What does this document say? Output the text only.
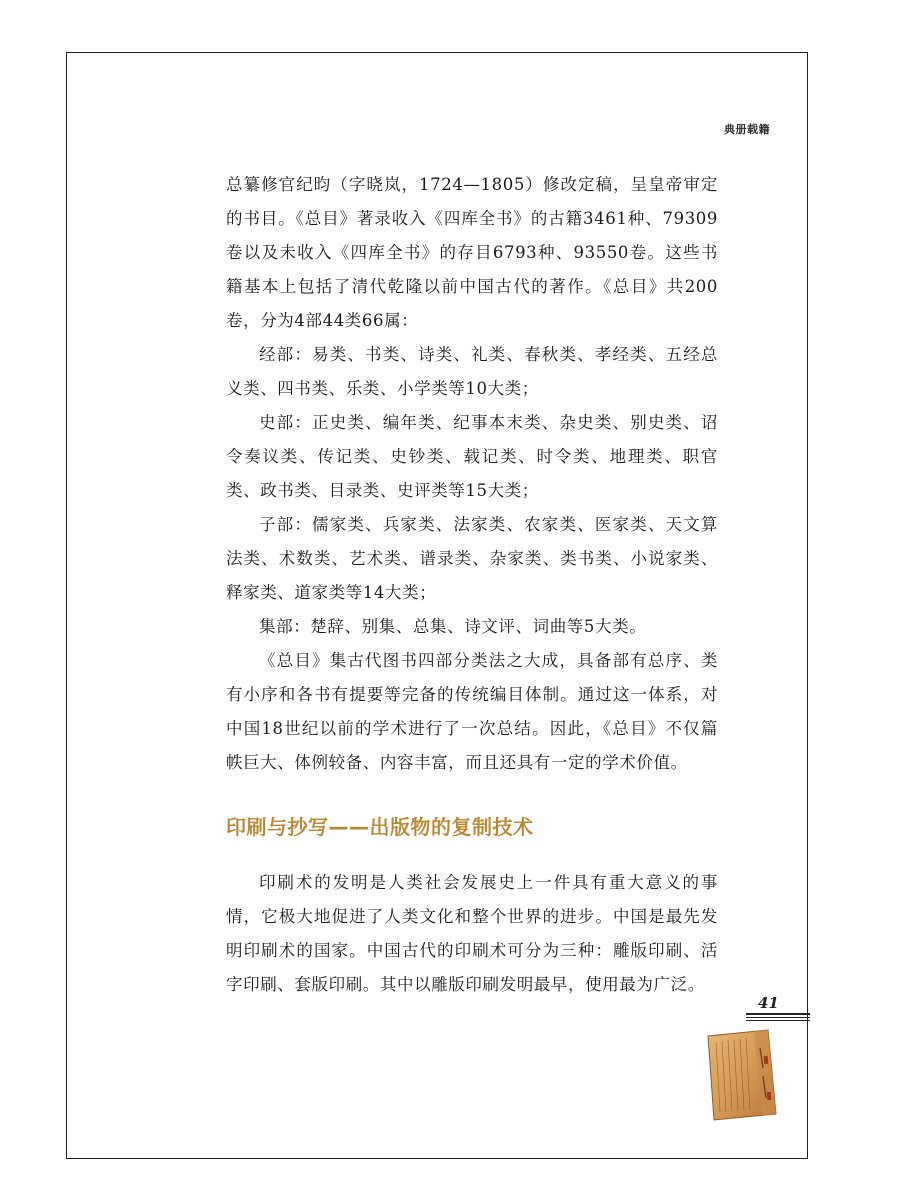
典册载籍

总纂修官纪昀（字晓岚，1724—1805）修改定稿，呈皇帝审定的书目。《总目》著录收入《四库全书》的古籍3461种、79309卷以及未收入《四库全书》的存目6793种、93550卷。这些书籍基本上包括了清代乾隆以前中国古代的著作。《总目》共200卷，分为4部44类66属：

经部：易类、书类、诗类、礼类、春秋类、孝经类、五经总义类、四书类、乐类、小学类等10大类；

史部：正史类、编年类、纪事本末类、杂史类、别史类、诏令奏议类、传记类、史钞类、载记类、时令类、地理类、职官类、政书类、目录类、史评类等15大类；

子部：儒家类、兵家类、法家类、农家类、医家类、天文算法类、术数类、艺术类、谱录类、杂家类、类书类、小说家类、释家类、道家类等14大类；

集部：楚辞、别集、总集、诗文评、词曲等5大类。

《总目》集古代图书四部分类法之大成，具备部有总序、类有小序和各书有提要等完备的传统编目体制。通过这一体系，对中国18世纪以前的学术进行了一次总结。因此，《总目》不仅篇帙巨大、体例较备、内容丰富，而且还具有一定的学术价值。

印刷与抄写——出版物的复制技术

印刷术的发明是人类社会发展史上一件具有重大意义的事情，它极大地促进了人类文化和整个世界的进步。中国是最先发明印刷术的国家。中国古代的印刷术可分为三种：雕版印刷、活字印刷、套版印刷。其中以雕版印刷发明最早，使用最为广泛。

41
